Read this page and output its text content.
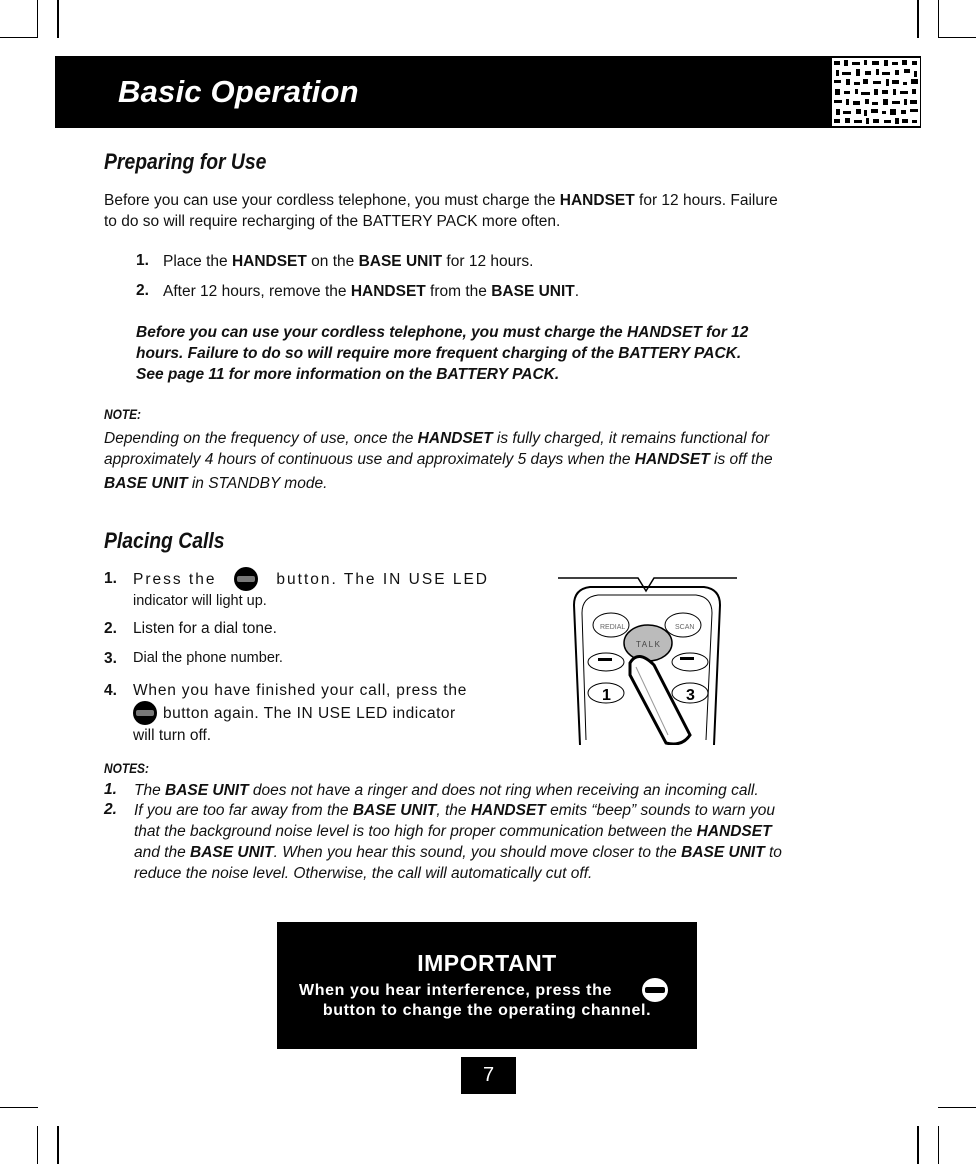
Basic Operation
Preparing for Use
Before you can use your cordless telephone, you must charge the HANDSET for 12 hours. Failure
to do so will require recharging of the BATTERY PACK more often.
1. Place the HANDSET on the BASE UNIT for 12 hours.
2. After 12 hours, remove the HANDSET from the BASE UNIT.
Before you can use your cordless telephone, you must charge the HANDSET for 12
hours. Failure to do so will require more frequent charging of the BATTERY PACK.
See page 11 for more information on the BATTERY PACK.
NOTE:
Depending on the frequency of use, once the HANDSET is fully charged, it remains functional for
approximately 4 hours of continuous use and approximately 5 days when the HANDSET is off the
BASE UNIT in STANDBY mode.
Placing Calls
1. Press the	button. The IN USE LED
indicator will light up.
2. Listen for a dial tone.
3. Dial the phone number.
4. When you have finished your call, press the
button again. The IN USE LED indicator
will turn off.
REDIAL	SCAN
TALK
1	3
NOTES:
1. The BASE UNIT does not have a ringer and does not ring when receiving an incoming call.
2. If you are too far away from the BASE UNIT, the HANDSET emits “beep” sounds to warn you
that the background noise level is too high for proper communication between the HANDSET
and the BASE UNIT. When you hear this sound, you should move closer to the BASE UNIT to
reduce the noise level. Otherwise, the call will automatically cut off.
IMPORTANT
When you hear interference, press the
button to change the operating channel.
7
